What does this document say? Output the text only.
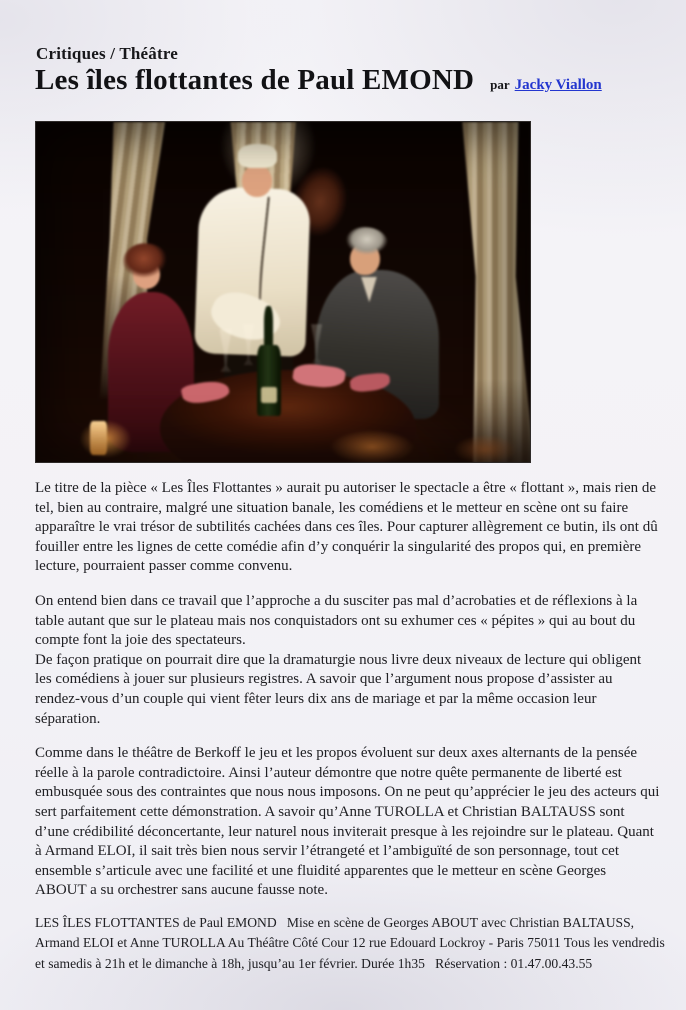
Critiques / Théâtre
Les îles flottantes de Paul EMOND par Jacky Viallon

Le titre de la pièce « Les Îles Flottantes » aurait pu autoriser le spectacle a être « flottant », mais rien de tel, bien au contraire, malgré une situation banale, les comédiens et le metteur en scène ont su faire apparaître le vrai trésor de subtilités cachées dans ces îles. Pour capturer allègrement ce butin, ils ont dû fouiller entre les lignes de cette comédie afin d’y conquérir la singularité des propos qui, en première lecture, pourraient passer comme convenu.

On entend bien dans ce travail que l’approche a du susciter pas mal d’acrobaties et de réflexions à la table autant que sur le plateau mais nos conquistadors ont su exhumer ces « pépites » qui au bout du compte font la joie des spectateurs.

De façon pratique on pourrait dire que la dramaturgie nous livre deux niveaux de lecture qui obligent les comédiens à jouer sur plusieurs registres. A savoir que l’argument nous propose d’assister au rendez-vous d’un couple qui vient fêter leurs dix ans de mariage et par la même occasion leur séparation.

Comme dans le théâtre de Berkoff le jeu et les propos évoluent sur deux axes alternants de la pensée réelle à la parole contradictoire. Ainsi l’auteur démontre que notre quête permanente de liberté est embusquée sous des contraintes que nous nous imposons. On ne peut qu’apprécier le jeu des acteurs qui sert parfaitement cette démonstration. A savoir qu’Anne TUROLLA et Christian BALTAUSS sont d’une crédibilité déconcertante, leur naturel nous inviterait presque à les rejoindre sur le plateau. Quant à Armand ELOI, il sait très bien nous servir l’étrangeté et l’ambiguïté de son personnage, tout cet ensemble s’articule avec une facilité et une fluidité apparentes que le metteur en scène Georges ABOUT a su orchestrer sans aucune fausse note.

LES ÎLES FLOTTANTES de Paul EMOND   Mise en scène de Georges ABOUT avec Christian BALTAUSS, Armand ELOI et Anne TUROLLA Au Théâtre Côté Cour 12 rue Edouard Lockroy - Paris 75011 Tous les vendredis et samedis à 21h et le dimanche à 18h, jusqu’au 1er février. Durée 1h35   Réservation : 01.47.00.43.55
